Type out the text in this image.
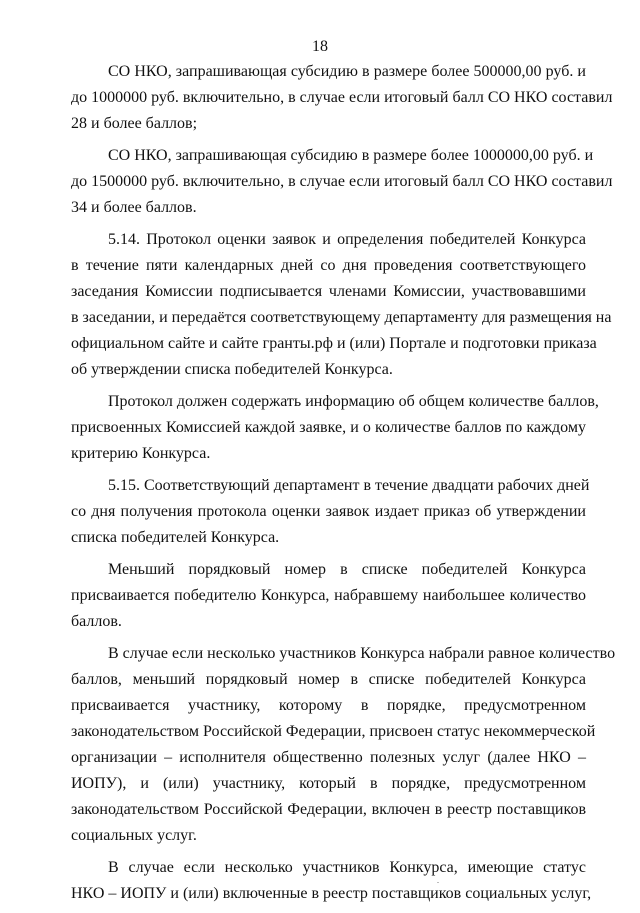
18

СО НКО, запрашивающая субсидию в размере более 500000,00 руб. и
до 1000000 руб. включительно, в случае если итоговый балл СО НКО составил
28 и более баллов;

СО НКО, запрашивающая субсидию в размере более 1000000,00 руб. и
до 1500000 руб. включительно, в случае если итоговый балл СО НКО составил
34 и более баллов.

5.14. Протокол оценки заявок и определения победителей Конкурса
в течение пяти календарных дней со дня проведения соответствующего
заседания Комиссии подписывается членами Комиссии, участвовавшими
в заседании, и передаётся соответствующему департаменту для размещения на
официальном сайте и сайте гранты.рф и (или) Портале и подготовки приказа
об утверждении списка победителей Конкурса.

Протокол должен содержать информацию об общем количестве баллов,
присвоенных Комиссией каждой заявке, и о количестве баллов по каждому
критерию Конкурса.

5.15. Соответствующий департамент в течение двадцати рабочих дней
со дня получения протокола оценки заявок издает приказ об утверждении
списка победителей Конкурса.

Меньший порядковый номер в списке победителей Конкурса
присваивается победителю Конкурса, набравшему наибольшее количество
баллов.

В случае если несколько участников Конкурса набрали равное количество
баллов, меньший порядковый номер в списке победителей Конкурса
присваивается участнику, которому в порядке, предусмотренном
законодательством Российской Федерации, присвоен статус некоммерческой
организации – исполнителя общественно полезных услуг (далее НКО –
ИОПУ), и (или) участнику, который в порядке, предусмотренном
законодательством Российской Федерации, включен в реестр поставщиков
социальных услуг.

В случае если несколько участников Конкурса, имеющие статус
НКО – ИОПУ и (или) включенные в реестр поставщиков социальных услуг,
